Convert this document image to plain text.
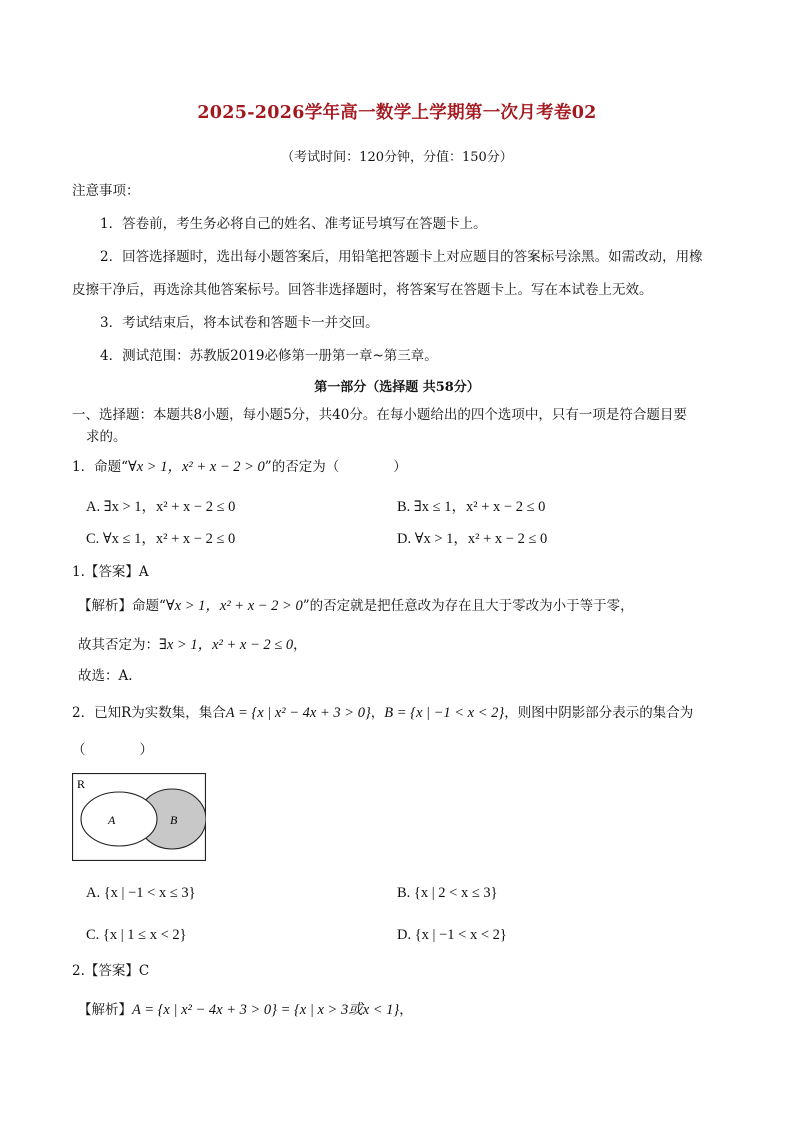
2025-2026学年高一数学上学期第一次月考卷02
（考试时间：120分钟，分值：150分）
注意事项：
1．答卷前，考生务必将自己的姓名、准考证号填写在答题卡上。
2．回答选择题时，选出每小题答案后，用铅笔把答题卡上对应题目的答案标号涂黑。如需改动，用橡
皮擦干净后，再选涂其他答案标号。回答非选择题时，将答案写在答题卡上。写在本试卷上无效。
3．考试结束后，将本试卷和答题卡一并交回。
4．测试范围：苏教版2019必修第一册第一章~第三章。
第一部分（选择题 共58分）
一、选择题：本题共8小题，每小题5分，共40分。在每小题给出的四个选项中，只有一项是符合题目要
求的。
1．命题“∀x > 1，x² + x − 2 > 0”的否定为（　　　　）
A. ∃x > 1，x² + x − 2 ≤ 0	B. ∃x ≤ 1，x² + x − 2 ≤ 0
C. ∀x ≤ 1，x² + x − 2 ≤ 0	D. ∀x > 1，x² + x − 2 ≤ 0
1.【答案】A
【解析】命题“∀x > 1，x² + x − 2 > 0”的否定就是把任意改为存在且大于零改为小于等于零，
故其否定为：∃x > 1，x² + x − 2 ≤ 0，
故选：A.
2．已知R为实数集，集合A = {x | x² − 4x + 3 > 0}，B = {x | −1 < x < 2}，则图中阴影部分表示的集合为
（　　　　）
R
A	B
A. {x | −1 < x ≤ 3}	B. {x | 2 < x ≤ 3}
C. {x | 1 ≤ x < 2}	D. {x | −1 < x < 2}
2.【答案】C
【解析】A = {x | x² − 4x + 3 > 0} = {x | x > 3或x < 1}，
